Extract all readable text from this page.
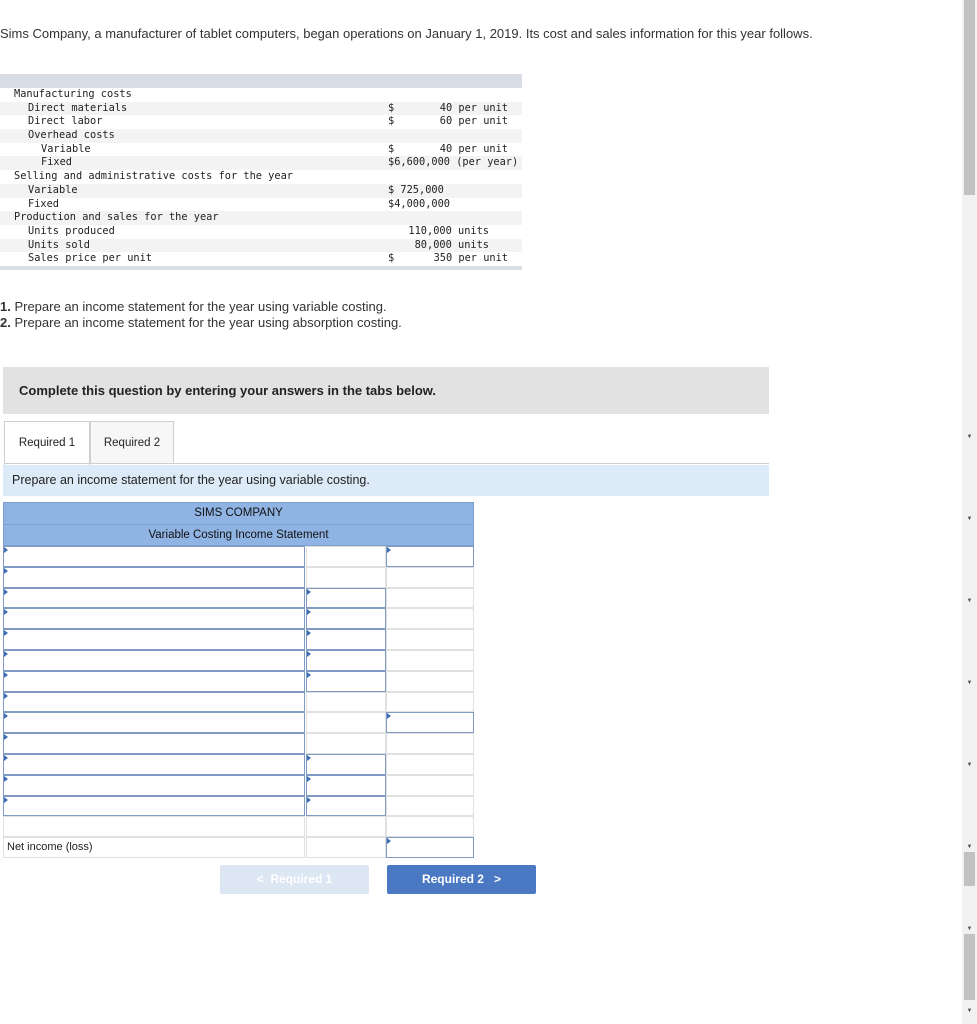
Sims Company, a manufacturer of tablet computers, began operations on January 1, 2019. Its cost and sales information for this year follows.
Manufacturing costs
Direct materials	$	40 per unit
Direct labor	$	60 per unit
Overhead costs
Variable	$	40 per unit
Fixed	$6,600,000 (per year)
Selling and administrative costs for the year
Variable	$ 725,000
Fixed	$4,000,000
Production and sales for the year
Units produced	110,000 units
Units sold	80,000 units
Sales price per unit	$	350 per unit
1. Prepare an income statement for the year using variable costing.
2. Prepare an income statement for the year using absorption costing.
Complete this question by entering your answers in the tabs below.
Required 1	Required 2
Prepare an income statement for the year using variable costing.
SIMS COMPANY
Variable Costing Income Statement
Net income (loss)
< Required 1	Required 2 >
▼
▼
▼
▼
▼
▼
▼
▼
